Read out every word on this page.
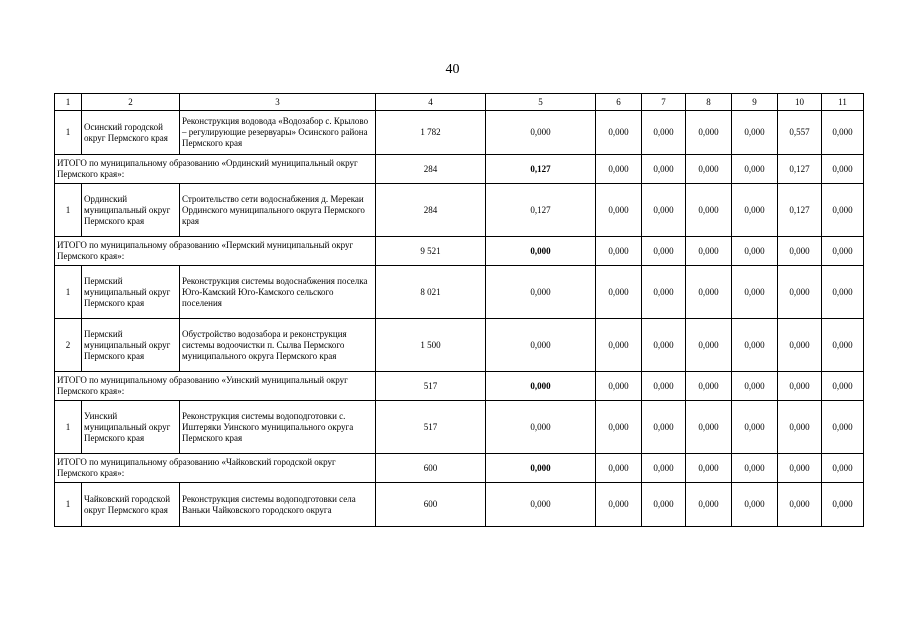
40
1	2	3	4	5	6	7	8	9	10	11
1	Осинский городской округ Пермского края	Реконструкция водовода «Водозабор с. Крылово – регулирующие резервуары» Осинского района Пермского края	1 782	0,000	0,000	0,000	0,000	0,000	0,557	0,000
ИТОГО по муниципальному образованию «Ординский муниципальный округ Пермского края»:			284	0,127	0,000	0,000	0,000	0,000	0,127	0,000
1	Ординский муниципальный округ Пермского края	Строительство сети водоснабжения д. Мерекаи Ординского муниципального округа Пермского края	284	0,127	0,000	0,000	0,000	0,000	0,127	0,000
ИТОГО по муниципальному образованию «Пермский муниципальный округ Пермского края»:			9 521	0,000	0,000	0,000	0,000	0,000	0,000	0,000
1	Пермский муниципальный округ Пермского края	Реконструкция системы водоснабжения поселка Юго-Камский Юго-Камского сельского поселения	8 021	0,000	0,000	0,000	0,000	0,000	0,000	0,000
2	Пермский муниципальный округ Пермского края	Обустройство водозабора и реконструкция системы водоочистки п. Сылва Пермского муниципального округа Пермского края	1 500	0,000	0,000	0,000	0,000	0,000	0,000	0,000
ИТОГО по муниципальному образованию «Уинский муниципальный округ Пермского края»:			517	0,000	0,000	0,000	0,000	0,000	0,000	0,000
1	Уинский муниципальный округ Пермского края	Реконструкция системы водоподготовки с. Иштеряки Уинского муниципального округа Пермского края	517	0,000	0,000	0,000	0,000	0,000	0,000	0,000
ИТОГО по муниципальному образованию «Чайковский городской округ Пермского края»:			600	0,000	0,000	0,000	0,000	0,000	0,000	0,000
1	Чайковский городской округ Пермского края	Реконструкция системы водоподготовки села Ваньки Чайковского городского округа	600	0,000	0,000	0,000	0,000	0,000	0,000	0,000
